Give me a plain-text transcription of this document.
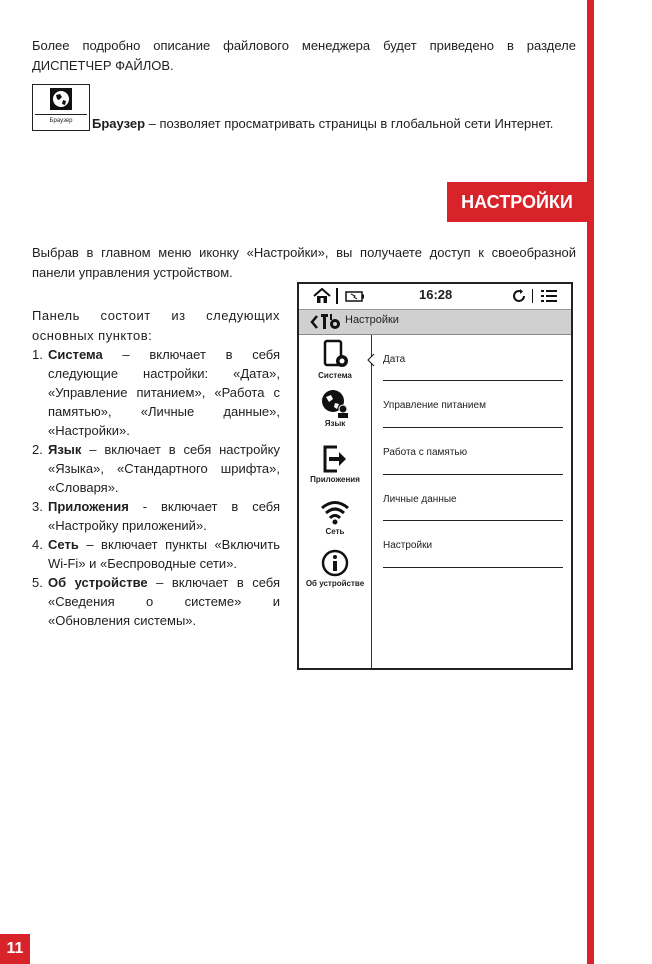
Более подробно описание файлового менеджера будет приведено в разделе ДИСПЕТЧЕР ФАЙЛОВ.
Браузер	Браузер – позволяет просматривать страницы в глобальной сети Интернет.
НАСТРОЙКИ
Выбрав в главном меню иконку «Настройки», вы получаете доступ к своеобразной панели управления устройством.
Панель состоит из следующих основных пунктов:
1. Система – включает в себя следующие настройки: «Дата», «Управление питанием», «Работа с памятью», «Личные данные», «Настройки».
2. Язык – включает в себя настройку «Языка», «Стандартного шрифта», «Словаря».
3. Приложения - включает в себя «Настройку приложений».
4. Сеть – включает пункты «Включить Wi-Fi» и «Беспроводные сети».
5. Об устройстве – включает в себя «Сведения о системе» и «Обновления системы».
16:28
Настройки
Система
Язык
Приложения
Сеть
Об устройстве
Дата
Управление питанием
Работа с памятью
Личные данные
Настройки
11
